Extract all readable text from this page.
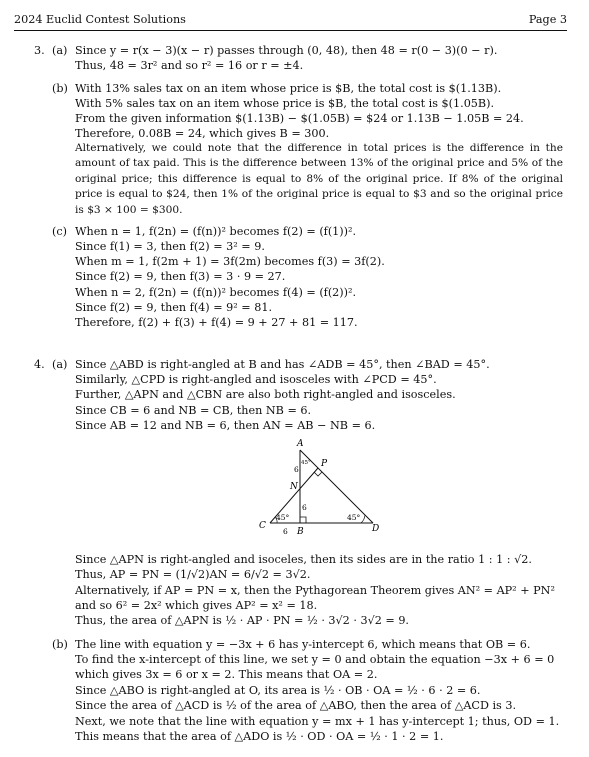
2024 Euclid Contest Solutions	Page 3
3. (a) Since y = r(x − 3)(x − r) passes through (0, 48), then 48 = r(0 − 3)(0 − r).
Thus, 48 = 3r² and so r² = 16 or r = ±4.
(b) With 13% sales tax on an item whose price is $B, the total cost is $(1.13B).
With 5% sales tax on an item whose price is $B, the total cost is $(1.05B).
From the given information $(1.13B) − $(1.05B) = $24 or 1.13B − 1.05B = 24.
Therefore, 0.08B = 24, which gives B = 300.
Alternatively, we could note that the difference in total prices is the difference in the amount of tax paid. This is the difference between 13% of the original price and 5% of the original price; this difference is equal to 8% of the original price. If 8% of the original price is equal to $24, then 1% of the original price is equal to $3 and so the original price is $3 × 100 = $300.
(c) When n = 1, f(2n) = (f(n))² becomes f(2) = (f(1))².
Since f(1) = 3, then f(2) = 3² = 9.
When m = 1, f(2m + 1) = 3f(2m) becomes f(3) = 3f(2).
Since f(2) = 9, then f(3) = 3 · 9 = 27.
When n = 2, f(2n) = (f(n))² becomes f(4) = (f(2))².
Since f(2) = 9, then f(4) = 9² = 81.
Therefore, f(2) + f(3) + f(4) = 9 + 27 + 81 = 117.
4. (a) Since △ABD is right-angled at B and has ∠ADB = 45°, then ∠BAD = 45°.
Similarly, △CPD is right-angled and isosceles with ∠PCD = 45°.
Further, △APN and △CBN are also both right-angled and isosceles.
Since CB = 6 and NB = CB, then NB = 6.
Since AB = 12 and NB = 6, then AN = AB − NB = 6.
A
P
N
C
B	D
6
6
6
45°
45°	45°
Since △APN is right-angled and isoceles, then its sides are in the ratio 1 : 1 : √2.
Thus, AP = PN = (1/√2)AN = 6/√2 = 3√2.
Alternatively, if AP = PN = x, then the Pythagorean Theorem gives AN² = AP² + PN²
and so 6² = 2x² which gives AP² = x² = 18.
Thus, the area of △APN is ½ · AP · PN = ½ · 3√2 · 3√2 = 9.
(b) The line with equation y = −3x + 6 has y-intercept 6, which means that OB = 6.
To find the x-intercept of this line, we set y = 0 and obtain the equation −3x + 6 = 0
which gives 3x = 6 or x = 2. This means that OA = 2.
Since △ABO is right-angled at O, its area is ½ · OB · OA = ½ · 6 · 2 = 6.
Since the area of △ACD is ½ of the area of △ABO, then the area of △ACD is 3.
Next, we note that the line with equation y = mx + 1 has y-intercept 1; thus, OD = 1.
This means that the area of △ADO is ½ · OD · OA = ½ · 1 · 2 = 1.
